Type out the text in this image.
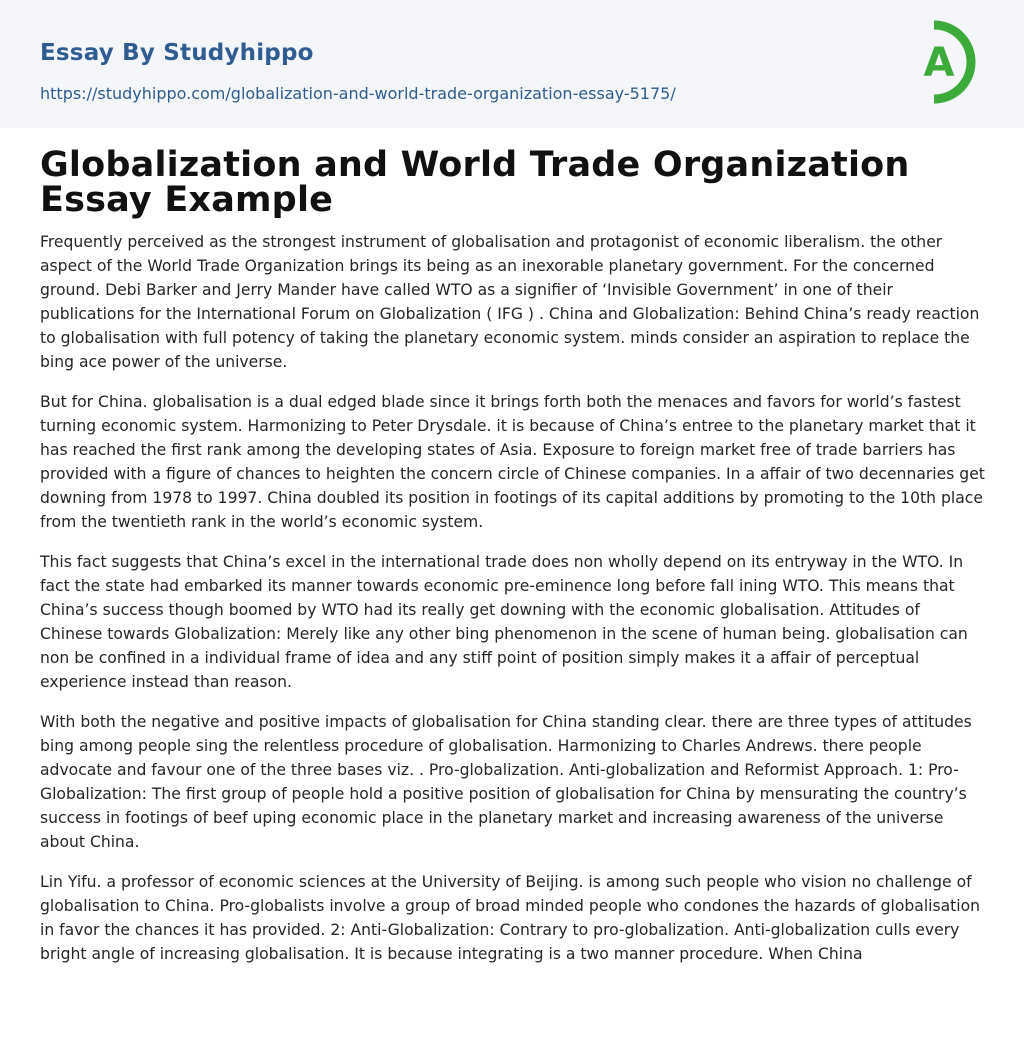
Essay By Studyhippo
https://studyhippo.com/globalization-and-world-trade-organization-essay-5175/
A
Globalization and World Trade Organization Essay Example

Frequently perceived as the strongest instrument of globalisation and protagonist of economic liberalism. the other aspect of the World Trade Organization brings its being as an inexorable planetary government. For the concerned ground. Debi Barker and Jerry Mander have called WTO as a signifier of ‘Invisible Government’ in one of their publications for the International Forum on Globalization ( IFG ) . China and Globalization: Behind China’s ready reaction to globalisation with full potency of taking the planetary economic system. minds consider an aspiration to replace the bing ace power of the universe.

But for China. globalisation is a dual edged blade since it brings forth both the menaces and favors for world’s fastest turning economic system. Harmonizing to Peter Drysdale. it is because of China’s entree to the planetary market that it has reached the first rank among the developing states of Asia. Exposure to foreign market free of trade barriers has provided with a figure of chances to heighten the concern circle of Chinese companies. In a affair of two decennaries get downing from 1978 to 1997. China doubled its position in footings of its capital additions by promoting to the 10th place from the twentieth rank in the world’s economic system.

This fact suggests that China’s excel in the international trade does non wholly depend on its entryway in the WTO. In fact the state had embarked its manner towards economic pre-eminence long before fall ining WTO. This means that China’s success though boomed by WTO had its really get downing with the economic globalisation. Attitudes of Chinese towards Globalization: Merely like any other bing phenomenon in the scene of human being. globalisation can non be confined in a individual frame of idea and any stiff point of position simply makes it a affair of perceptual experience instead than reason.

With both the negative and positive impacts of globalisation for China standing clear. there are three types of attitudes bing among people sing the relentless procedure of globalisation. Harmonizing to Charles Andrews. there people advocate and favour one of the three bases viz. . Pro-globalization. Anti-globalization and Reformist Approach. 1: Pro-Globalization: The first group of people hold a positive position of globalisation for China by mensurating the country’s success in footings of beef uping economic place in the planetary market and increasing awareness of the universe about China.

Lin Yifu. a professor of economic sciences at the University of Beijing. is among such people who vision no challenge of globalisation to China. Pro-globalists involve a group of broad minded people who condones the hazards of globalisation in favor the chances it has provided. 2: Anti-Globalization: Contrary to pro-globalization. Anti-globalization culls every bright angle of increasing globalisation. It is because integrating is a two manner procedure. When China
